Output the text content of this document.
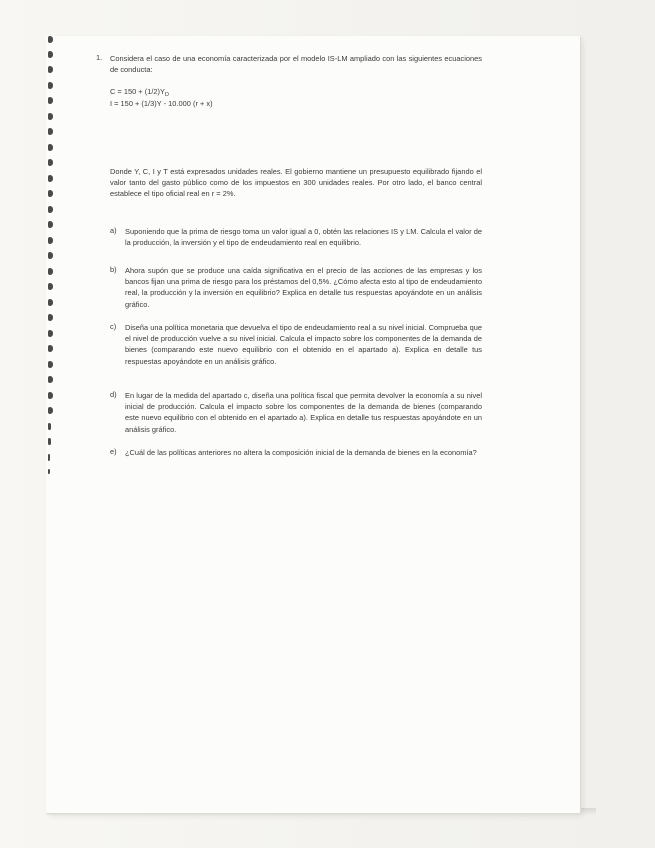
1. Considera el caso de una economía caracterizada por el modelo IS-LM ampliado con las siguientes ecuaciones de conducta:
$C = 150 + (1/2)Y_D$
I = 150 + (1/3)Y - 10.000 (r + x)
Donde Y, C, I y T está expresados unidades reales. El gobierno mantiene un presupuesto equilibrado fijando el valor tanto del gasto público como de los impuestos en 300 unidades reales. Por otro lado, el banco central establece el tipo oficial real en r = 2%.
a) Suponiendo que la prima de riesgo toma un valor igual a 0, obtén las relaciones IS y LM. Calcula el valor de la producción, la inversión y el tipo de endeudamiento real en equilibrio.
b) Ahora supón que se produce una caída significativa en el precio de las acciones de las empresas y los bancos fijan una prima de riesgo para los préstamos del 0,5%. ¿Cómo afecta esto al tipo de endeudamiento real, la producción y la inversión en equilibrio? Explica en detalle tus respuestas apoyándote en un análisis gráfico.
c) Diseña una política monetaria que devuelva el tipo de endeudamiento real a su nivel inicial. Comprueba que el nivel de producción vuelve a su nivel inicial. Calcula el impacto sobre los componentes de la demanda de bienes (comparando este nuevo equilibrio con el obtenido en el apartado a). Explica en detalle tus respuestas apoyándote en un análisis gráfico.
d) En lugar de la medida del apartado c, diseña una política fiscal que permita devolver la economía a su nivel inicial de producción. Calcula el impacto sobre los componentes de la demanda de bienes (comparando este nuevo equilibrio con el obtenido en el apartado a). Explica en detalle tus respuestas apoyándote en un análisis gráfico.
e) ¿Cuál de las políticas anteriores no altera la composición inicial de la demanda de bienes en la economía?
